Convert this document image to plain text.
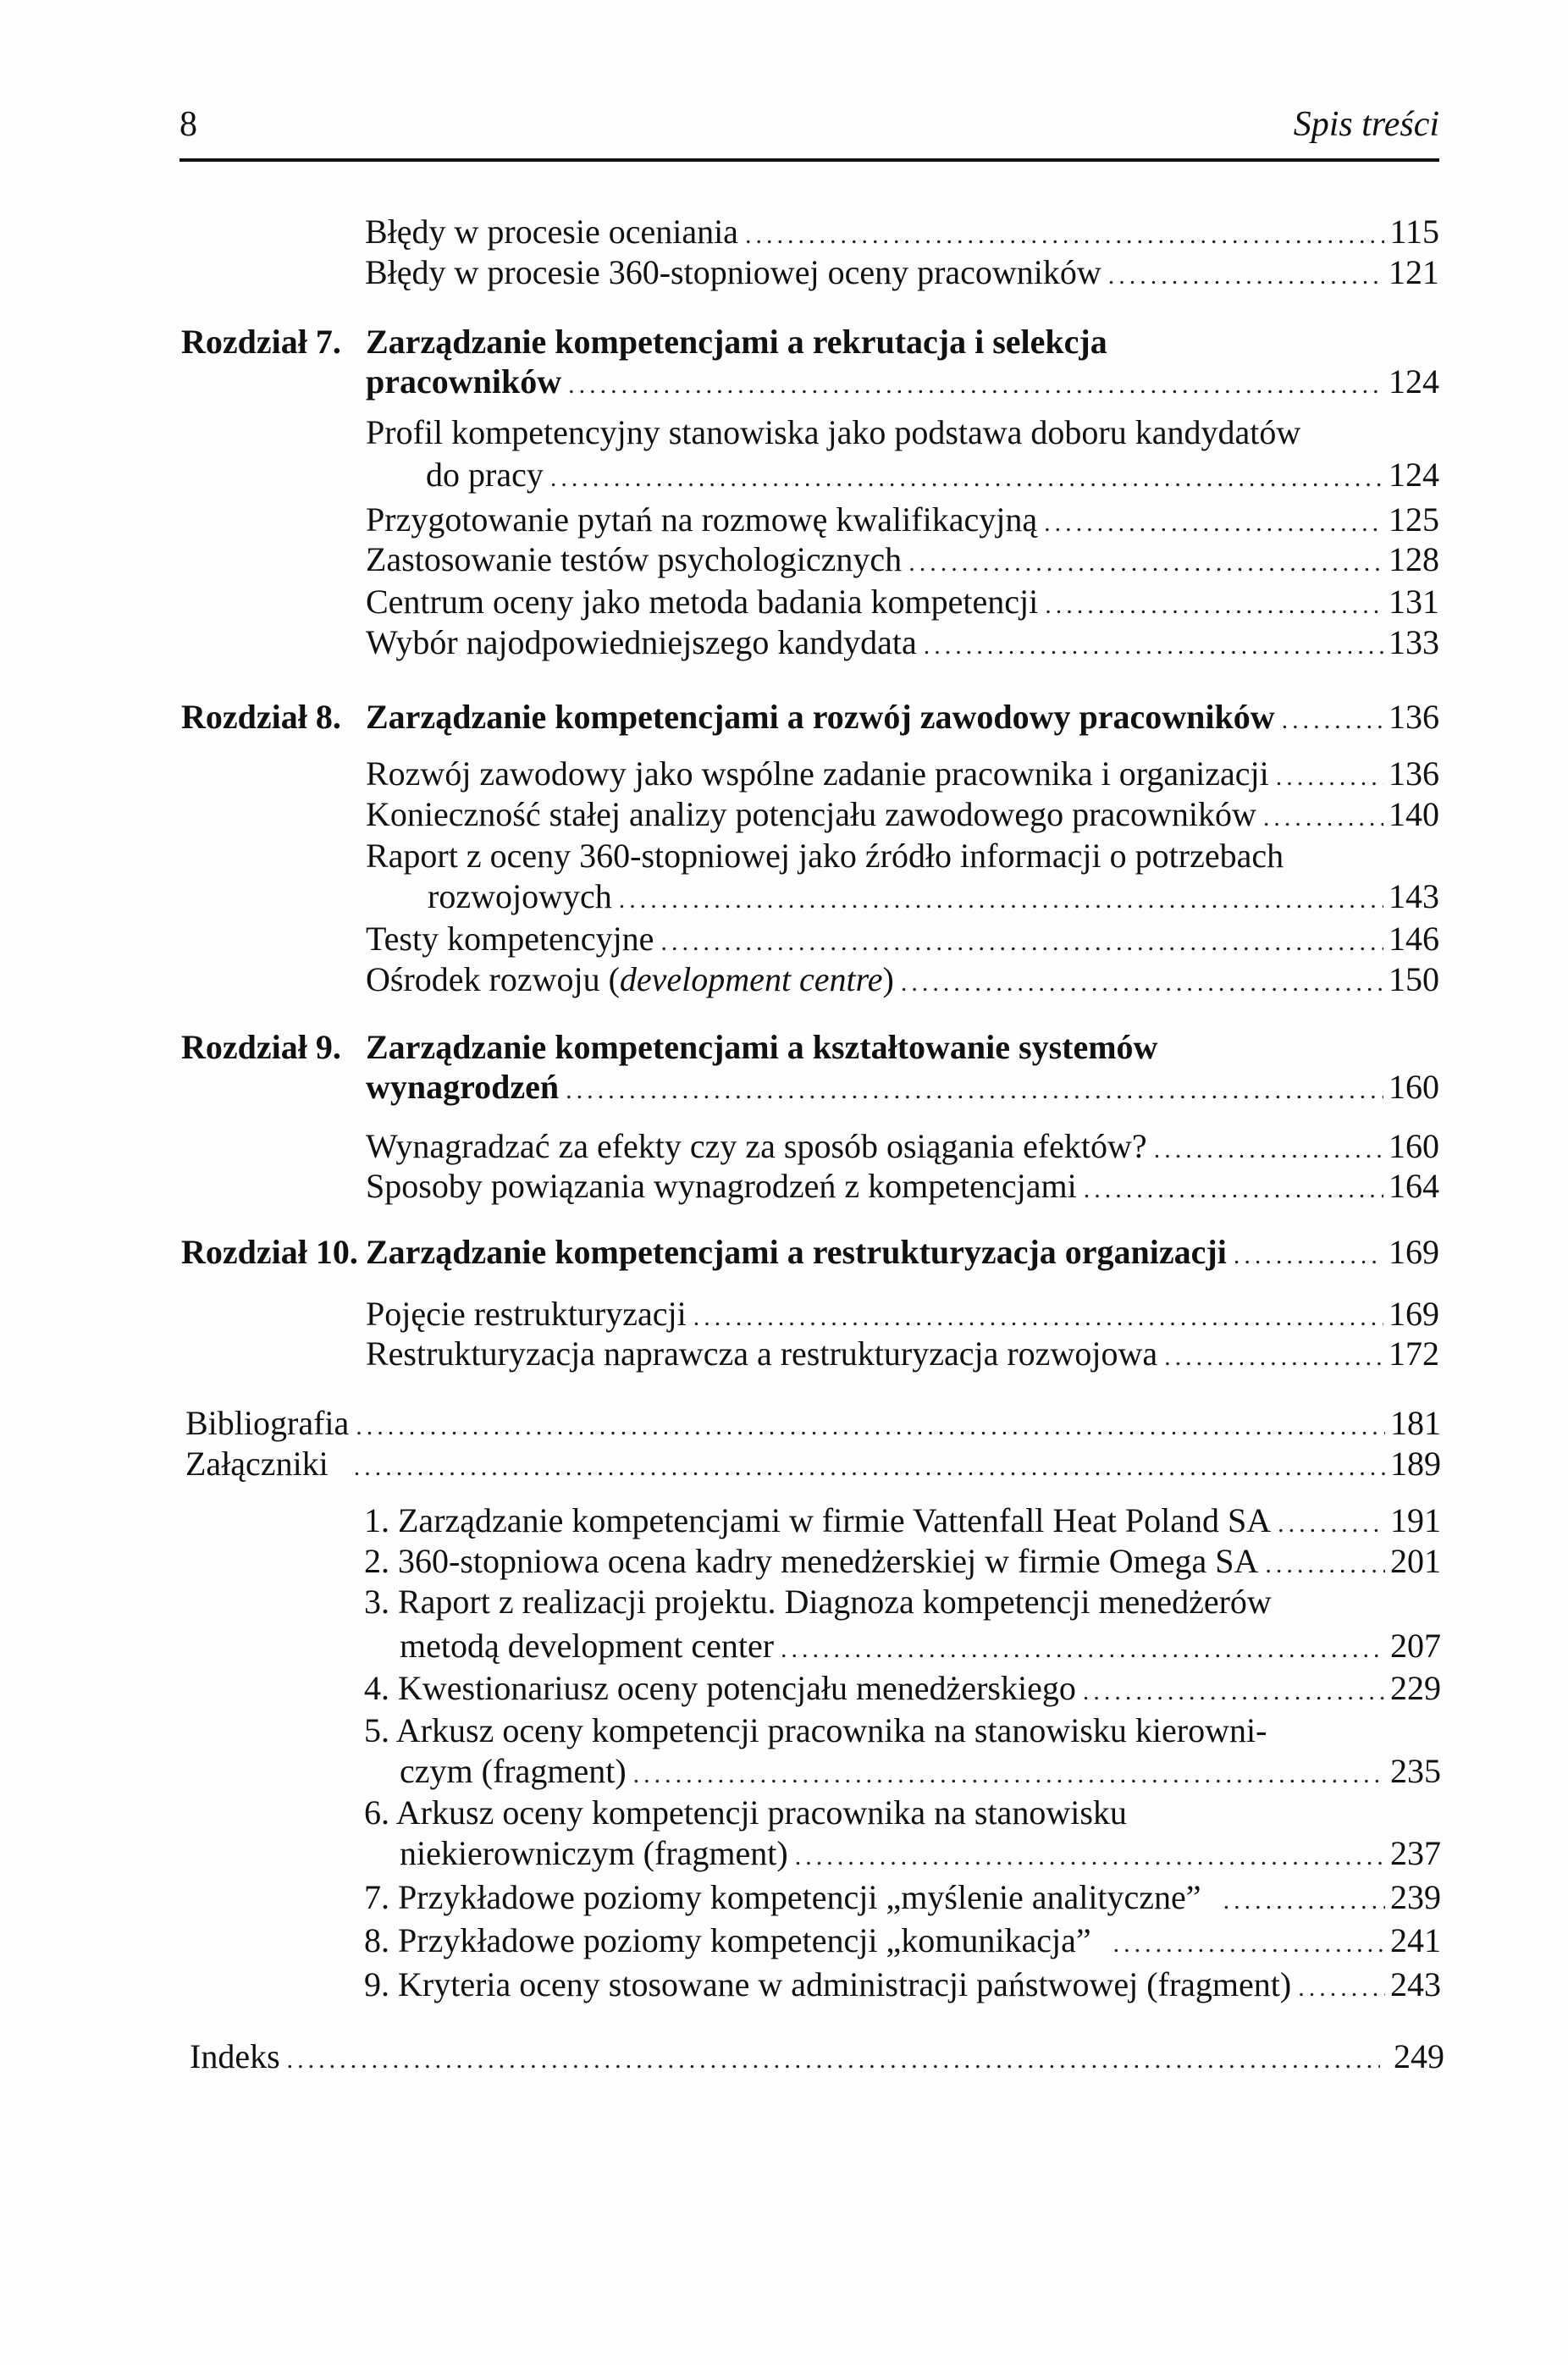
8	Spis treści
Błędy w procesie oceniania .....	115
Błędy w procesie 360-stopniowej oceny pracowników .....	121
Rozdział 7. Zarządzanie kompetencjami a rekrutacja i selekcja
pracowników .....	124
Profil kompetencyjny stanowiska jako podstawa doboru kandydatów
do pracy .....	124
Przygotowanie pytań na rozmowę kwalifikacyjną .....	125
Zastosowanie testów psychologicznych .....	128
Centrum oceny jako metoda badania kompetencji .....	131
Wybór najodpowiedniejszego kandydata .....	133
Rozdział 8. Zarządzanie kompetencjami a rozwój zawodowy pracowników .....	136
Rozwój zawodowy jako wspólne zadanie pracownika i organizacji .....	136
Konieczność stałej analizy potencjału zawodowego pracowników .....	140
Raport z oceny 360-stopniowej jako źródło informacji o potrzebach
rozwojowych .....	143
Testy kompetencyjne .....	146
Ośrodek rozwoju (development centre) .....	150
Rozdział 9. Zarządzanie kompetencjami a kształtowanie systemów
wynagrodzeń .....	160
Wynagradzać za efekty czy za sposób osiągania efektów? .....	160
Sposoby powiązania wynagrodzeń z kompetencjami .....	164
Rozdział 10. Zarządzanie kompetencjami a restrukturyzacja organizacji .....	169
Pojęcie restrukturyzacji .....	169
Restrukturyzacja naprawcza a restrukturyzacja rozwojowa .....	172
Bibliografia .....	181
Załączniki .....	189
1. Zarządzanie kompetencjami w firmie Vattenfall Heat Poland SA .....	191
2. 360-stopniowa ocena kadry menedżerskiej w firmie Omega SA .....	201
3. Raport z realizacji projektu. Diagnoza kompetencji menedżerów
metodą development center .....	207
4. Kwestionariusz oceny potencjału menedżerskiego .....	229
5. Arkusz oceny kompetencji pracownika na stanowisku kierowni-
czym (fragment) .....	235
6. Arkusz oceny kompetencji pracownika na stanowisku
niekierowniczym (fragment) .....	237
7. Przykładowe poziomy kompetencji „myślenie analityczne” .....	239
8. Przykładowe poziomy kompetencji „komunikacja” .....	241
9. Kryteria oceny stosowane w administracji państwowej (fragment) .....	243
Indeks .....	249
